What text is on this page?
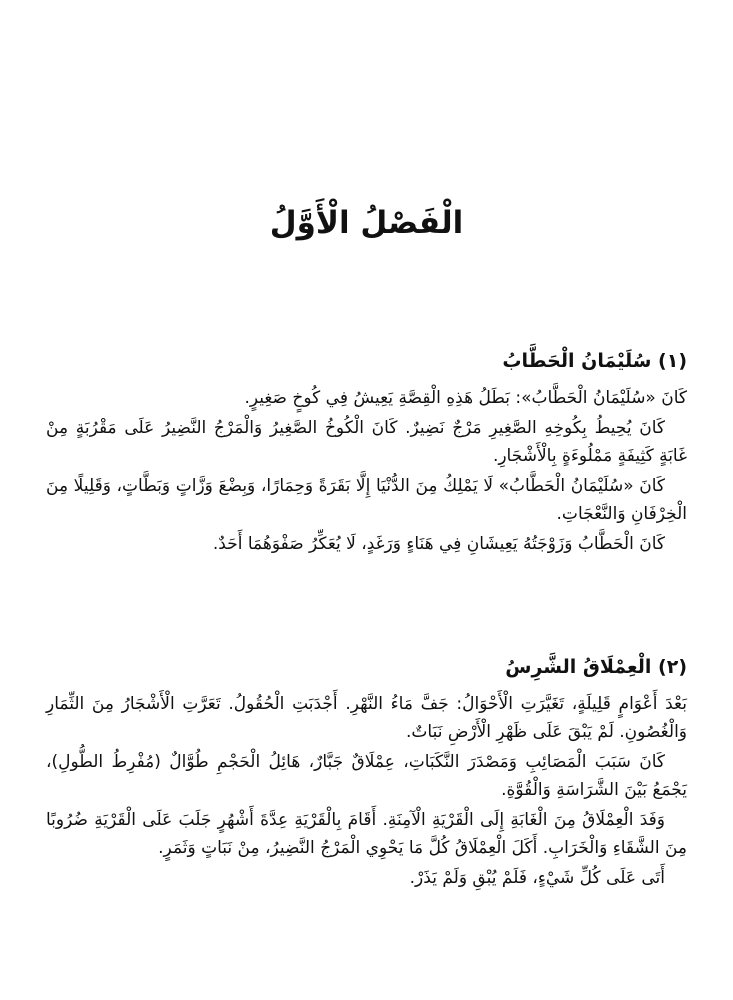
الْفَصْلُ الْأَوَّلُ
(١) سُلَيْمَانُ الْحَطَّابُ

كَانَ «سُلَيْمَانُ الْحَطَّابُ»: بَطَلُ هَذِهِ الْقِصَّةِ يَعِيشُ فِي كُوخٍ صَغِيرٍ.

كَانَ يُحِيطُ بِكُوخِهِ الصَّغِيرِ مَرْجٌ نَضِيرٌ. كَانَ الْكُوخُ الصَّغِيرُ وَالْمَرْجُ النَّضِيرُ عَلَى مَقْرُبَةٍ مِنْ غَابَةٍ كَثِيفَةٍ مَمْلُوءَةٍ بِالْأَشْجَارِ.

كَانَ «سُلَيْمَانُ الْحَطَّابُ» لَا يَمْلِكُ مِنَ الدُّنْيَا إِلَّا بَقَرَةً وَحِمَارًا، وَبِضْعَ وَزَّاتٍ وَبَطَّاتٍ، وَقَلِيلًا مِنَ الْخِرْفَانِ وَالنَّعْجَاتِ.

كَانَ الْحَطَّابُ وَزَوْجَتُهُ يَعِيشَانِ فِي هَنَاءٍ وَرَغَدٍ، لَا يُعَكِّرُ صَفْوَهُمَا أَحَدٌ.

(٢) الْعِمْلَاقُ الشَّرِسُ

بَعْدَ أَعْوَامٍ قَلِيلَةٍ، تَغَيَّرَتِ الْأَحْوَالُ: جَفَّ مَاءُ النَّهْرِ. أَجْدَبَتِ الْحُقُولُ. تَعَرَّتِ الْأَشْجَارُ مِنَ الثِّمَارِ وَالْغُصُونِ. لَمْ يَبْقَ عَلَى ظَهْرِ الْأَرْضِ نَبَاتٌ.

كَانَ سَبَبَ الْمَصَائِبِ وَمَصْدَرَ النَّكَبَاتِ، عِمْلَاقٌ جَبَّارٌ، هَائِلُ الْحَجْمِ طُوَّالٌ (مُفْرِطُ الطُّولِ)، يَجْمَعُ بَيْنَ الشَّرَاسَةِ وَالْقُوَّةِ.

وَفَدَ الْعِمْلَاقُ مِنَ الْغَابَةِ إِلَى الْقَرْيَةِ الْآمِنَةِ. أَقَامَ بِالْقَرْيَةِ عِدَّةَ أَشْهُرٍ جَلَبَ عَلَى الْقَرْيَةِ ضُرُوبًا مِنَ الشَّقَاءِ وَالْخَرَابِ. أَكَلَ الْعِمْلَاقُ كُلَّ مَا يَحْوِي الْمَرْجُ النَّضِيرُ، مِنْ نَبَاتٍ وَثَمَرٍ.

أَتَى عَلَى كُلِّ شَيْءٍ، فَلَمْ يُبْقِ وَلَمْ يَذَرْ.
